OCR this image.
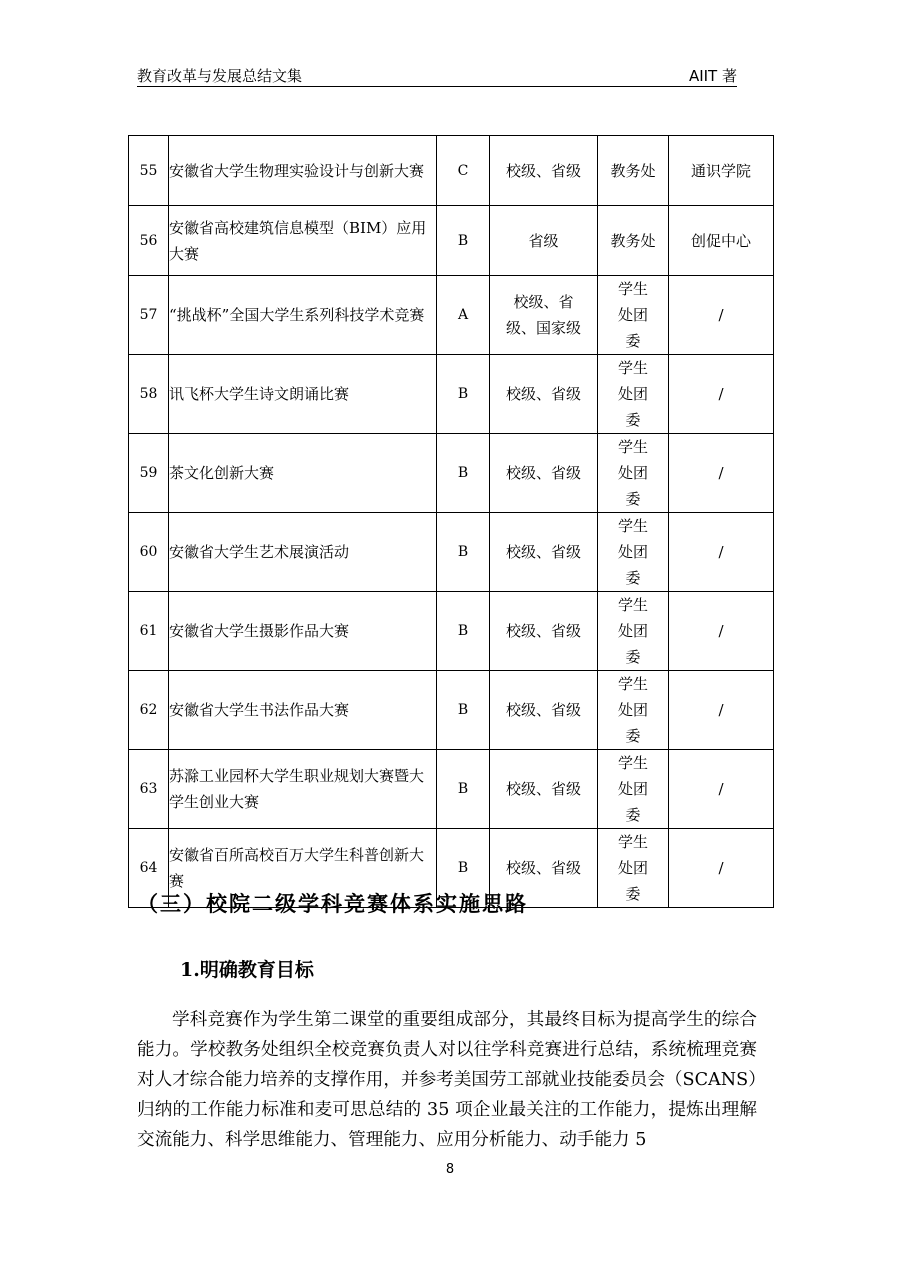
教育改革与发展总结文集	AIIT 著
55	安徽省大学生物理实验设计与创新大赛	C	校级、省级	教务处	通识学院

56	安徽省高校建筑信息模型（BIM）应用大赛	B	省级	教务处	创促中心

57	“挑战杯”全国大学生系列科技学术竞赛	A	校级、省级、国家级	学生处团委	/

58	讯飞杯大学生诗文朗诵比赛	B	校级、省级	学生处团委	/

59	茶文化创新大赛	B	校级、省级	学生处团委	/

60	安徽省大学生艺术展演活动	B	校级、省级	学生处团委	/

61	安徽省大学生摄影作品大赛	B	校级、省级	学生处团委	/

62	安徽省大学生书法作品大赛	B	校级、省级	学生处团委	/

63	苏滁工业园杯大学生职业规划大赛暨大学生创业大赛	B	校级、省级	学生处团委	/

64	安徽省百所高校百万大学生科普创新大赛	B	校级、省级	学生处团委	/
（三）校院二级学科竞赛体系实施思路
1.明确教育目标

学科竞赛作为学生第二课堂的重要组成部分，其最终目标为提高学生的综合能力。学校教务处组织全校竞赛负责人对以往学科竞赛进行总结，系统梳理竞赛对人才综合能力培养的支撑作用，并参考美国劳工部就业技能委员会（SCANS）归纳的工作能力标准和麦可思总结的 35 项企业最关注的工作能力，提炼出理解交流能力、科学思维能力、管理能力、应用分析能力、动手能力 5

8
